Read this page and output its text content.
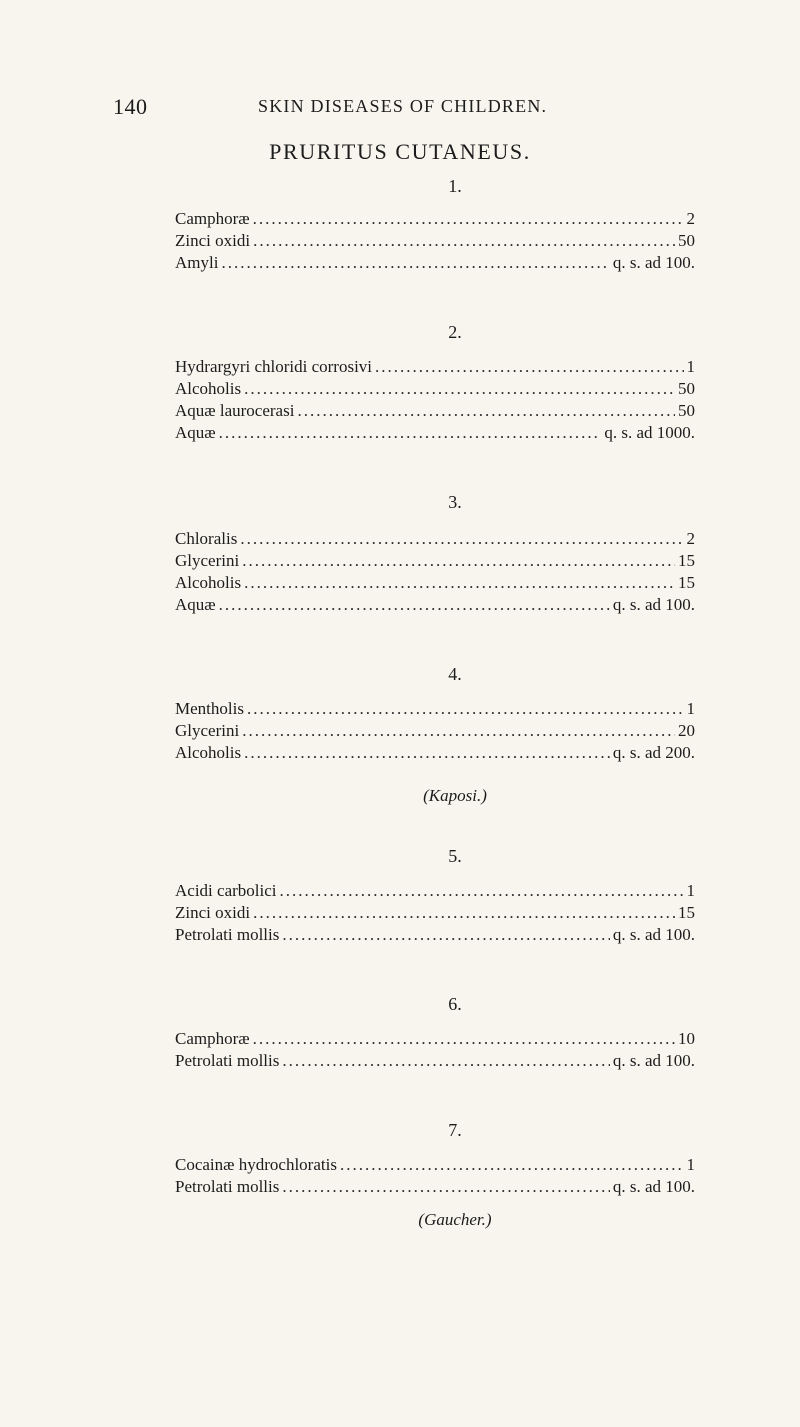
140	SKIN DISEASES OF CHILDREN.
PRURITUS CUTANEUS.
1.
Camphoræ .....	2
Zinci oxidi .....	50
Amyli .....	q. s. ad 100.
2.
Hydrargyri chloridi corrosivi .....	1
Alcoholis .....	50
Aquæ laurocerasi .....	50
Aquæ .....	q. s. ad 1000.
3.
Chloralis .....	2
Glycerini .....	15
Alcoholis .....	15
Aquæ .....	q. s. ad 100.
4.
Mentholis .....	1
Glycerini .....	20
Alcoholis .....	q. s. ad 200.
(Kaposi.)
5.
Acidi carbolici .....	1
Zinci oxidi .....	15
Petrolati mollis .....	q. s. ad 100.
6.
Camphoræ .....	10
Petrolati mollis .....	q. s. ad 100.
7.
Cocainæ hydrochloratis .....	1
Petrolati mollis .....	q. s. ad 100.
(Gaucher.)
